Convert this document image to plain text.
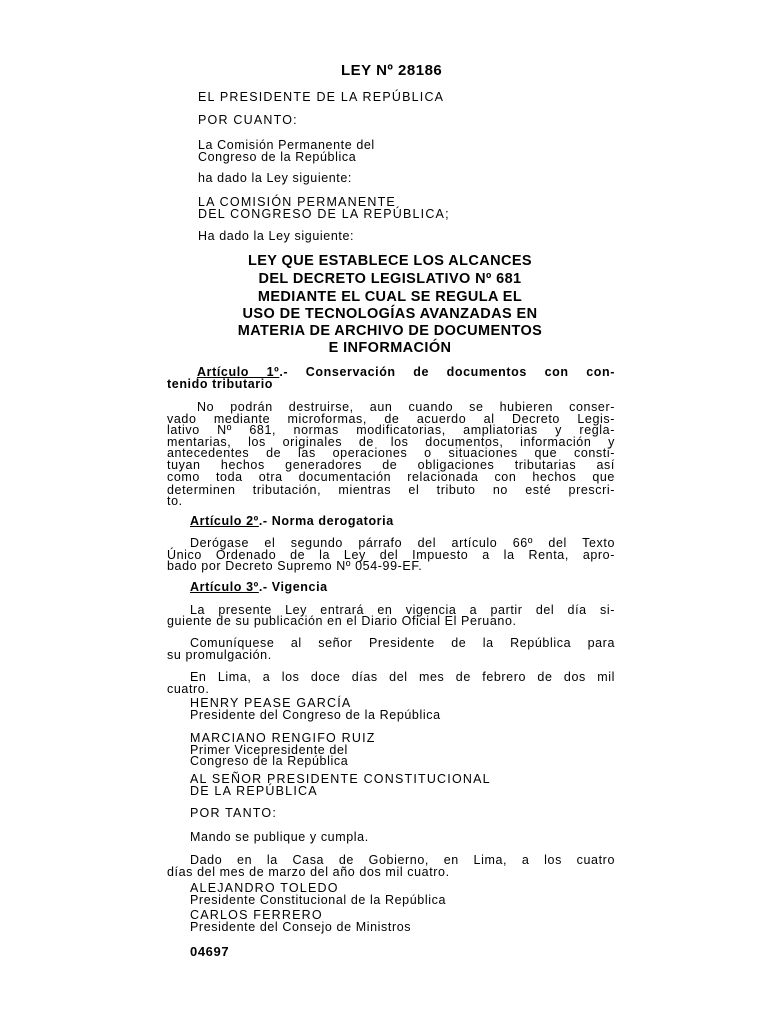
LEY Nº 28186
EL PRESIDENTE DE LA REPÚBLICA
POR CUANTO:
La Comisión Permanente del
Congreso de la República
ha dado la Ley siguiente:
LA COMISIÓN PERMANENTE
DEL CONGRESO DE LA REPÚBLICA;
Ha dado la Ley siguiente:
LEY QUE ESTABLECE LOS ALCANCES
DEL DECRETO LEGISLATIVO Nº 681
MEDIANTE EL CUAL SE REGULA EL
USO DE TECNOLOGÍAS AVANZADAS EN
MATERIA DE ARCHIVO DE DOCUMENTOS
E INFORMACIÓN
Artículo 1º.- Conservación de documentos con con-
tenido tributario
No podrán destruirse, aun cuando se hubieren conser-
vado mediante microformas, de acuerdo al Decreto Legis-
lativo Nº 681, normas modificatorias, ampliatorias y regla-
mentarias, los originales de los documentos, información y
antecedentes de las operaciones o situaciones que consti-
tuyan hechos generadores de obligaciones tributarias así
como toda otra documentación relacionada con hechos que
determinen tributación, mientras el tributo no esté prescri-
to.
Artículo 2º.- Norma derogatoria
Derógase el segundo párrafo del artículo 66º del Texto
Único Ordenado de la Ley del Impuesto a la Renta, apro-
bado por Decreto Supremo Nº 054-99-EF.
Artículo 3º.- Vigencia
La presente Ley entrará en vigencia a partir del día si-
guiente de su publicación en el Diario Oficial El Peruano.
Comuníquese al señor Presidente de la República para
su promulgación.
En Lima, a los doce días del mes de febrero de dos mil
cuatro.
HENRY PEASE GARCÍA
Presidente del Congreso de la República
MARCIANO RENGIFO RUIZ
Primer Vicepresidente del
Congreso de la República
AL SEÑOR PRESIDENTE CONSTITUCIONAL
DE LA REPÚBLICA
POR TANTO:
Mando se publique y cumpla.
Dado en la Casa de Gobierno, en Lima, a los cuatro
días del mes de marzo del año dos mil cuatro.
ALEJANDRO TOLEDO
Presidente Constitucional de la República
CARLOS FERRERO
Presidente del Consejo de Ministros
04697
